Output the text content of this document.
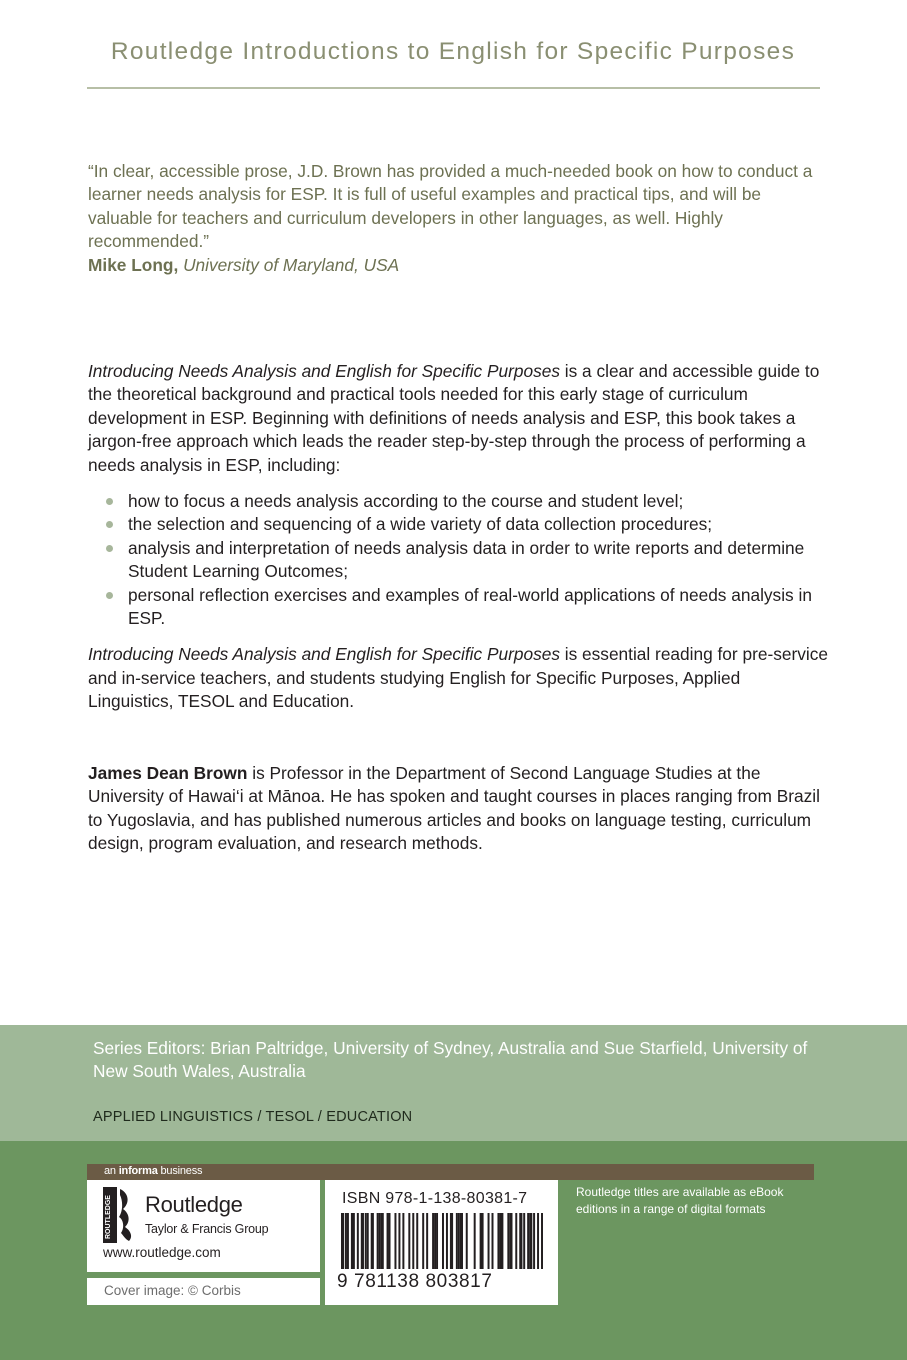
Routledge Introductions to English for Specific Purposes

“In clear, accessible prose, J.D. Brown has provided a much-needed book on how to conduct a learner needs analysis for ESP. It is full of useful examples and practical tips, and will be valuable for teachers and curriculum developers in other languages, as well. Highly recommended.”

Mike Long, University of Maryland, USA

Introducing Needs Analysis and English for Specific Purposes is a clear and accessible guide to the theoretical background and practical tools needed for this early stage of curriculum development in ESP. Beginning with definitions of needs analysis and ESP, this book takes a jargon-free approach which leads the reader step-by-step through the process of performing a needs analysis in ESP, including:

how to focus a needs analysis according to the course and student level;
the selection and sequencing of a wide variety of data collection procedures;
analysis and interpretation of needs analysis data in order to write reports and determine Student Learning Outcomes;
personal reflection exercises and examples of real-world applications of needs analysis in ESP.

Introducing Needs Analysis and English for Specific Purposes is essential reading for pre-service and in-service teachers, and students studying English for Specific Purposes, Applied Linguistics, TESOL and Education.

James Dean Brown is Professor in the Department of Second Language Studies at the University of Hawai‘i at Mānoa. He has spoken and taught courses in places ranging from Brazil to Yugoslavia, and has published numerous articles and books on language testing, curriculum design, program evaluation, and research methods.

Series Editors: Brian Paltridge, University of Sydney, Australia and Sue Starfield, University of New South Wales, Australia
APPLIED LINGUISTICS / TESOL / EDUCATION
an informa business
ROUTLEDGE Routledge
Taylor & Francis Group
www.routledge.com
Cover image: © Corbis
ISBN 978-1-138-80381-7
9 781138 803817
Routledge titles are available as eBook editions in a range of digital formats
